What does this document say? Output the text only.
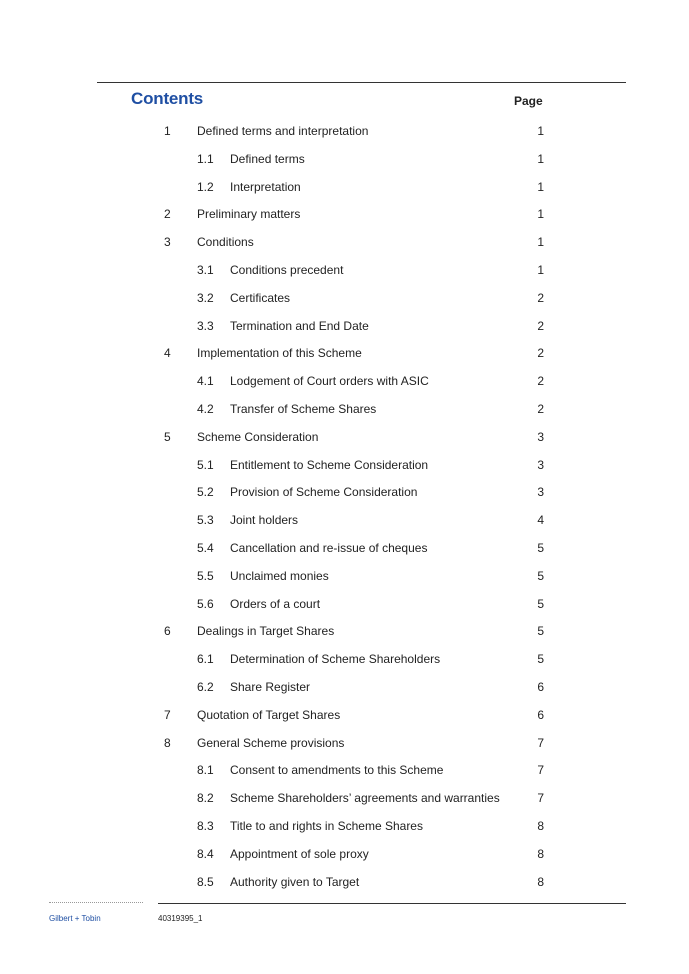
Contents	Page
1 Defined terms and interpretation	1
1.1 Defined terms	1
1.2 Interpretation	1
2 Preliminary matters	1
3 Conditions	1
3.1 Conditions precedent	1
3.2 Certificates	2
3.3 Termination and End Date	2
4 Implementation of this Scheme	2
4.1 Lodgement of Court orders with ASIC	2
4.2 Transfer of Scheme Shares	2
5 Scheme Consideration	3
5.1 Entitlement to Scheme Consideration	3
5.2 Provision of Scheme Consideration	3
5.3 Joint holders	4
5.4 Cancellation and re-issue of cheques	5
5.5 Unclaimed monies	5
5.6 Orders of a court	5
6 Dealings in Target Shares	5
6.1 Determination of Scheme Shareholders	5
6.2 Share Register	6
7 Quotation of Target Shares	6
8 General Scheme provisions	7
8.1 Consent to amendments to this Scheme	7
8.2 Scheme Shareholders’ agreements and warranties	7
8.3 Title to and rights in Scheme Shares	8
8.4 Appointment of sole proxy	8
8.5 Authority given to Target	8
Gilbert + Tobin	40319395_1
